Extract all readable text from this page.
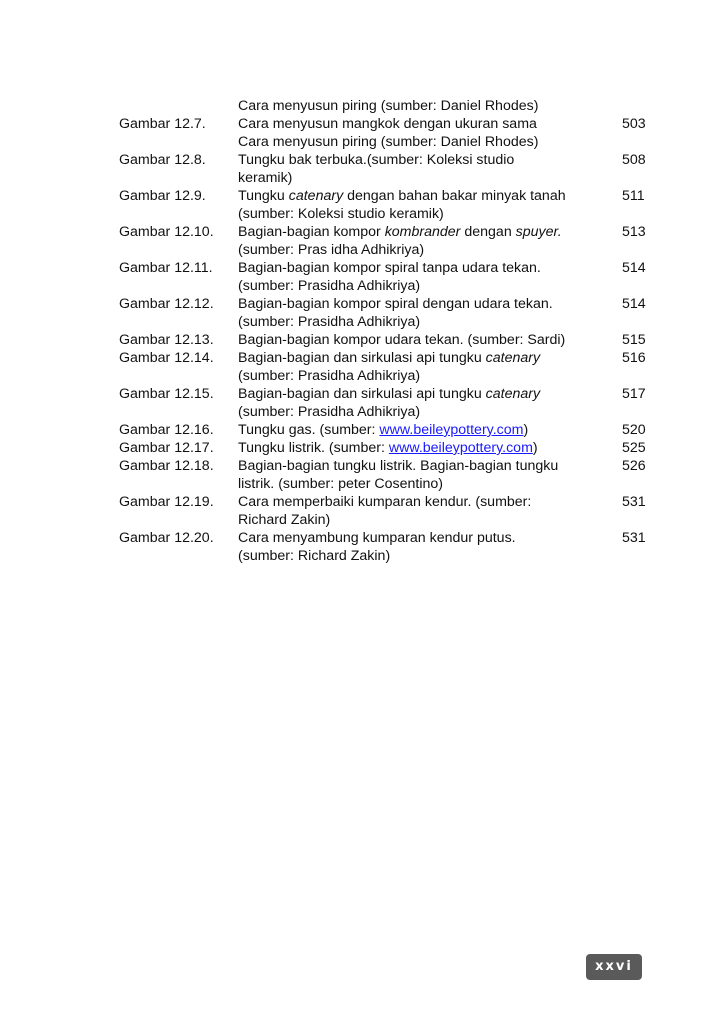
Cara menyusun piring (sumber: Daniel Rhodes)
Gambar 12.7.	Cara menyusun mangkok dengan ukuran sama
Cara menyusun piring (sumber: Daniel Rhodes)
503
Gambar 12.8.	Tungku bak terbuka.(sumber: Koleksi studio
keramik)
508
Gambar 12.9.	Tungku catenary dengan bahan bakar minyak tanah
(sumber: Koleksi studio keramik)
511
Gambar 12.10.	Bagian-bagian kompor kombrander dengan spuyer.
(sumber: Pras idha Adhikriya)
513
Gambar 12.11.	Bagian-bagian kompor spiral tanpa udara tekan.
(sumber: Prasidha Adhikriya)
514
Gambar 12.12.	Bagian-bagian kompor spiral dengan udara tekan.
(sumber: Prasidha Adhikriya)
514
Gambar 12.13.	Bagian-bagian kompor udara tekan. (sumber: Sardi)	515
Gambar 12.14.	Bagian-bagian dan sirkulasi api tungku catenary
(sumber: Prasidha Adhikriya)
516
Gambar 12.15.	Bagian-bagian dan sirkulasi api tungku catenary
(sumber: Prasidha Adhikriya)
517
Gambar 12.16.	Tungku gas. (sumber: www.beileypottery.com)	520
Gambar 12.17.	Tungku listrik. (sumber: www.beileypottery.com)	525
Gambar 12.18.	Bagian-bagian tungku listrik. Bagian-bagian tungku
listrik. (sumber: peter Cosentino)
526
Gambar 12.19.	Cara memperbaiki kumparan kendur. (sumber:
Richard Zakin)
531
Gambar 12.20.	Cara menyambung kumparan kendur putus.
(sumber: Richard Zakin)
531
xxvi
